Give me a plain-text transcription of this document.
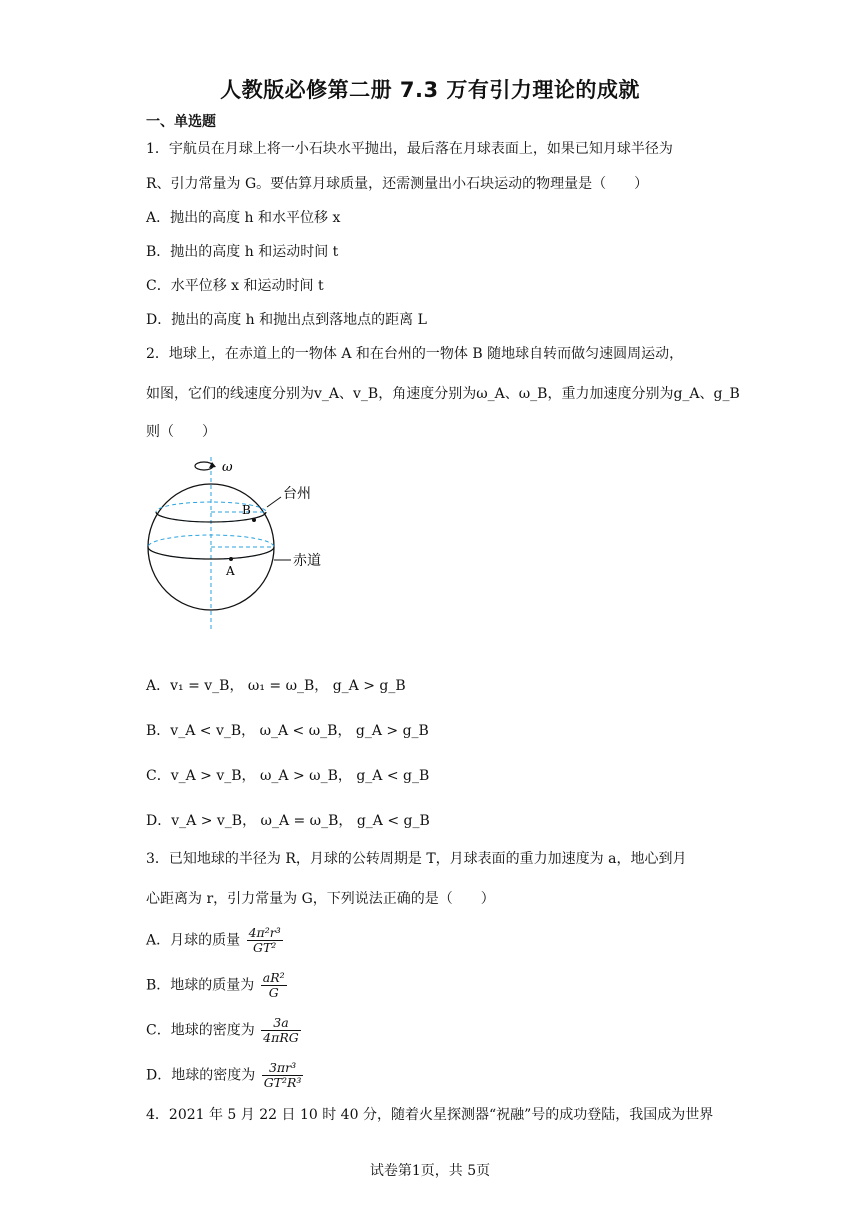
人教版必修第二册 7.3 万有引力理论的成就
一、单选题
1．宇航员在月球上将一小石块水平抛出，最后落在月球表面上，如果已知月球半径为
R、引力常量为 G。要估算月球质量，还需测量出小石块运动的物理量是（　　）
A．抛出的高度 h 和水平位移 x
B．抛出的高度 h 和运动时间 t
C．水平位移 x 和运动时间 t
D．抛出的高度 h 和抛出点到落地点的距离 L
2．地球上，在赤道上的一物体 A 和在台州的一物体 B 随地球自转而做匀速圆周运动，
如图，它们的线速度分别为v_A、v_B，角速度分别为ω_A、ω_B，重力加速度分别为g_A、g_B
则（　　）
ω
B
A
台州
赤道
A．v₁ = v_B， ω₁ = ω_B， g_A > g_B
B．v_A < v_B， ω_A < ω_B， g_A > g_B
C．v_A > v_B， ω_A > ω_B， g_A < g_B
D．v_A > v_B， ω_A = ω_B， g_A < g_B
3．已知地球的半径为 R，月球的公转周期是 T，月球表面的重力加速度为 a，地心到月
心距离为 r，引力常量为 G，下列说法正确的是（　　）
A．月球的质量 $\frac{\text{4π²r³}}{\text{GT²}}$
B．地球的质量为 $\frac{\text{aR²}}{G}$
C．地球的密度为 $\frac{3a}{\text{4πRG}}$
D．地球的密度为 $\frac{\text{3πr³}}{\text{GT²R³}}$
4．2021 年 5 月 22 日 10 时 40 分，随着火星探测器“祝融”号的成功登陆，我国成为世界
试卷第1页，共 5页
